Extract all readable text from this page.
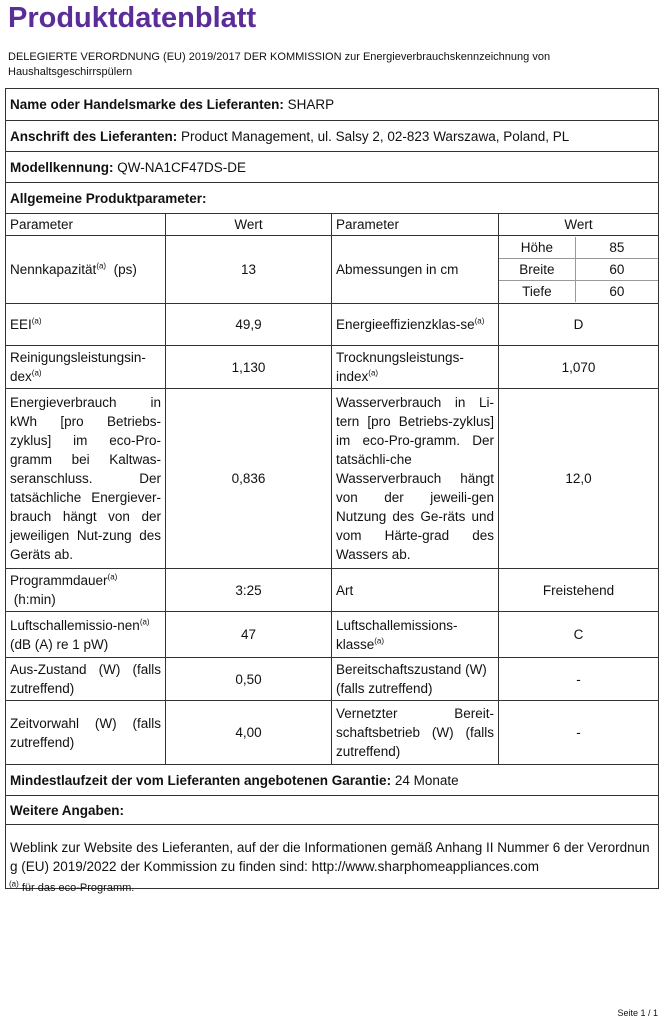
Produktdatenblatt
DELEGIERTE VERORDNUNG (EU) 2019/2017 DER KOMMISSION zur Energieverbrauchskennzeichnung von Haushaltsgeschirrspülern
Name oder Handelsmarke des Lieferanten: SHARP
Anschrift des Lieferanten: Product Management, ul. Salsy 2, 02-823 Warszawa, Poland, PL
Modellkennung: QW-NA1CF47DS-DE
Allgemeine Produktparameter:
Parameter	Wert	Parameter	Wert
Nennkapazität$^{(a)}$ (ps)	13	Abmessungen in cm	
Höhe	85
Breite	60
Tiefe	60

EEI$^{(a)}$	49,9	Energieeffizienzklas-$se^{(a)}$	D
Reinigungsleistungsin-dex$^{(a)}$	1,130	Trocknungsleistungs-index$^{(a)}$	1,070
Energieverbrauch in kWh [pro Betriebs-zyklus] im eco-Pro-gramm bei Kaltwas-seranschluss. Der tatsächliche Energiever-brauch hängt von der jeweiligen Nut-zung des Geräts ab.	0,836	Wasserverbrauch in Li-tern [pro Betriebs-zyklus] im eco-Pro-gramm. Der tatsächli-che Wasserverbrauch hängt von der jeweili-gen Nutzung des Ge-räts und vom Härte-grad des Wassers ab.	12,0
Programmdauer$^{(a)}$
(h:min)	3:25	Art	Freistehend
Luftschallemissio-nen$^{(a)}$  (dB (A) re 1 pW)	47	Luftschallemissions-klasse$^{(a)}$	C
Aus-Zustand (W) (falls zutreffend)	0,50	Bereitschaftszustand (W) (falls zutreffend)	-
Zeitvorwahl (W) (falls zutreffend)	4,00	Vernetzter Bereit-schaftsbetrieb (W) (falls zutreffend)	-
Mindestlaufzeit der vom Lieferanten angebotenen Garantie: 24 Monate
Weitere Angaben:
Weblink zur Website des Lieferanten, auf der die Informationen gemäß Anhang II Nummer 6 der Verordnung (EU) 2019/2022 der Kommission zu finden sind: http://www.sharphomeappliances.com
$^{(a)}$ für das eco-Programm.
Seite 1 / 1
